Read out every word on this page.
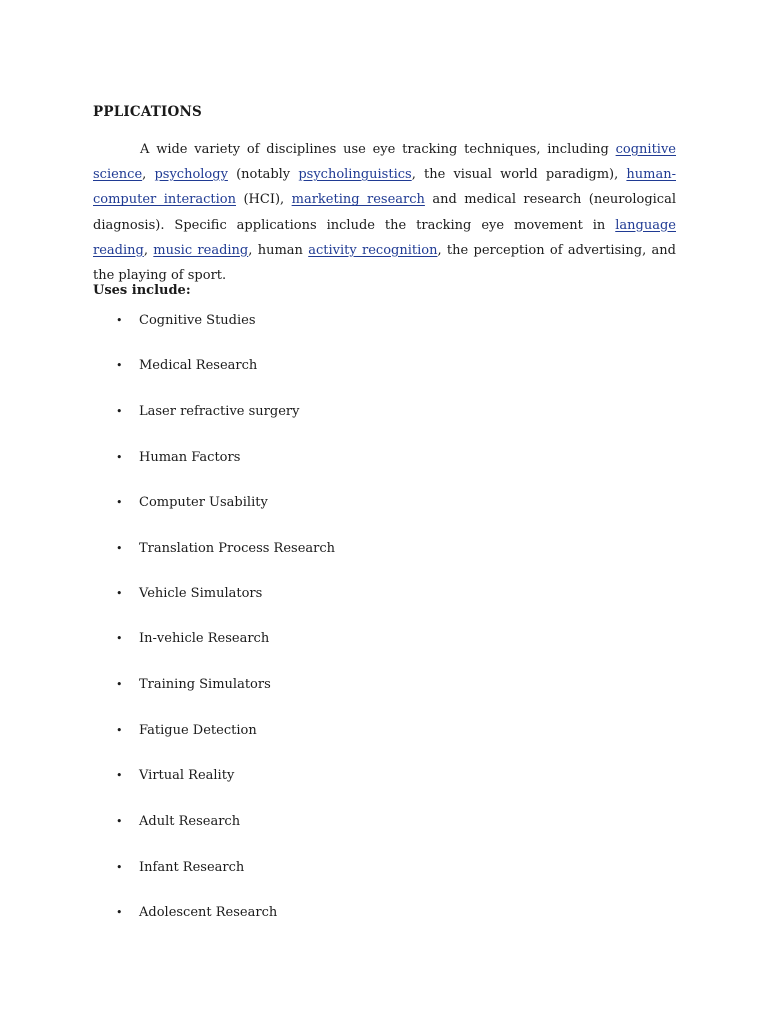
PPLICATIONS

A wide variety of disciplines use eye tracking techniques, including cognitive science, psychology (notably psycholinguistics, the visual world paradigm), human-computer interaction (HCI), marketing research and medical research (neurological diagnosis). Specific applications include the tracking eye movement in language reading, music reading, human activity recognition, the perception of advertising, and the playing of sport.

Uses include:
•	Cognitive Studies
•	Medical Research
•	Laser refractive surgery
•	Human Factors
•	Computer Usability
•	Translation Process Research
•	Vehicle Simulators
•	In-vehicle Research
•	Training Simulators
•	Fatigue Detection
•	Virtual Reality
•	Adult Research
•	Infant Research
•	Adolescent Research
